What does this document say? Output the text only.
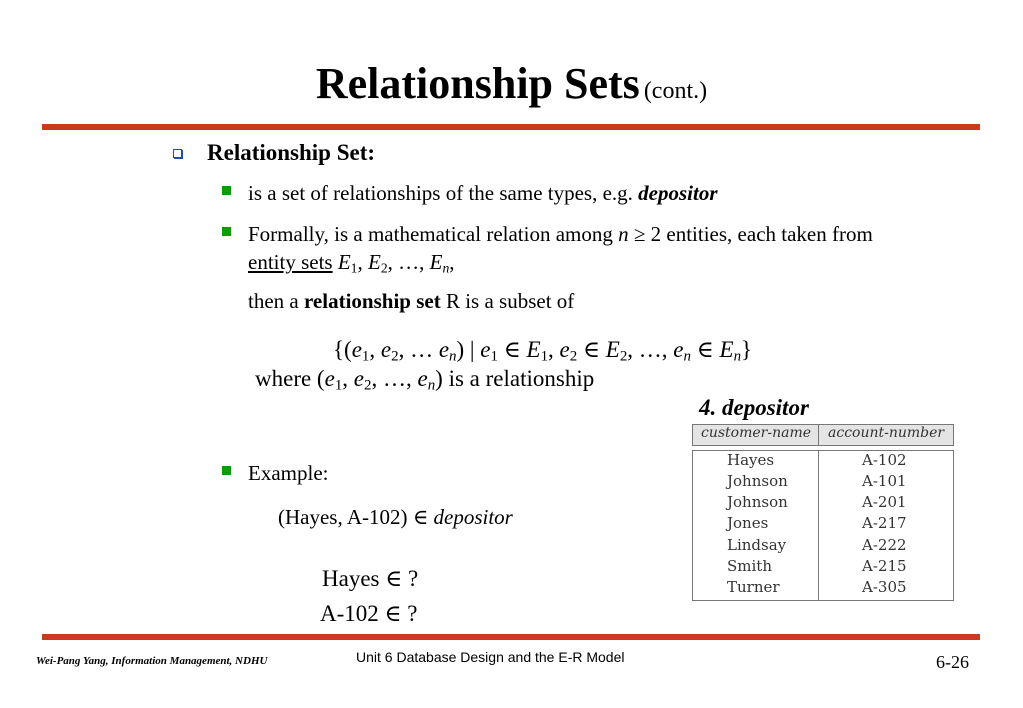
Relationship Sets (cont.)
Relationship Set:
is a set of relationships of the same types, e.g. depositor
Formally, is a mathematical relation among n ≥ 2 entities, each taken from
entity sets $E_1$, $E_2$, …, $E_n$,
then a relationship set R is a subset of
{($e_1$, $e_2$, … $e_n$) | $e_1$ ∈ $E_1$, $e_2$ ∈ $E_2$, …, $e_n$ ∈ $E_n$}
where ($e_1$, $e_2$, …, $e_n$) is a relationship
Example:
(Hayes, A-102) ∈ depositor
Hayes ∈ ?
A-102 ∈ ?
4. depositor
customer-name account-number
Hayes	A-102
Johnson	A-101
Johnson	A-201
Jones	A-217
Lindsay	A-222
Smith	A-215
Turner	A-305
Wei-Pang Yang, Information Management, NDHU	Unit 6 Database Design and the E-R Model	6-26
